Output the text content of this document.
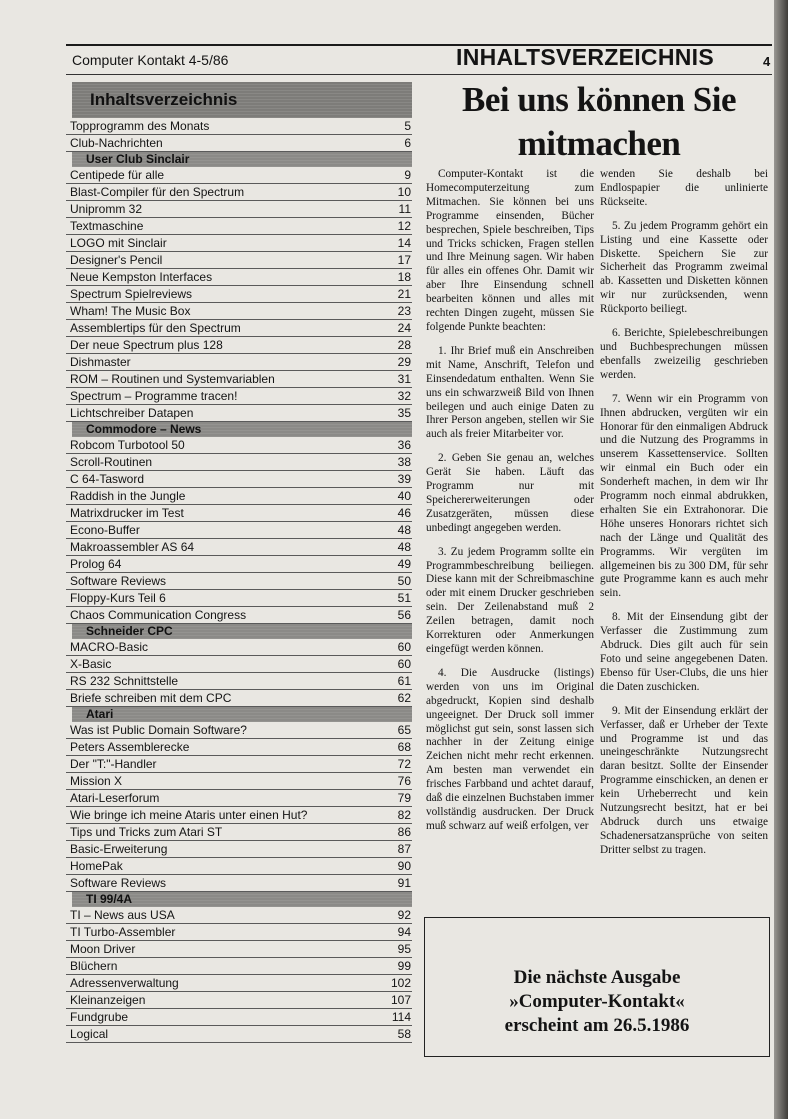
Computer Kontakt 4-5/86	INHALTSVERZEICHNIS	4
Inhaltsverzeichnis
Topprogramm des Monats	5
Club-Nachrichten	6
User Club Sinclair
Centipede für alle	9
Blast-Compiler für den Spectrum	10
Unipromm 32	11
Textmaschine	12
LOGO mit Sinclair	14
Designer's Pencil	17
Neue Kempston Interfaces	18
Spectrum Spielreviews	21
Wham! The Music Box	23
Assemblertips für den Spectrum	24
Der neue Spectrum plus 128	28
Dishmaster	29
ROM – Routinen und Systemvariablen	31
Spectrum – Programme tracen!	32
Lichtschreiber Datapen	35
Commodore – News
Robcom Turbotool 50	36
Scroll-Routinen	38
C 64-Tasword	39
Raddish in the Jungle	40
Matrixdrucker im Test	46
Econo-Buffer	48
Makroassembler AS 64	48
Prolog 64	49
Software Reviews	50
Floppy-Kurs Teil 6	51
Chaos Communication Congress	56
Schneider CPC
MACRO-Basic	60
X-Basic	60
RS 232 Schnittstelle	61
Briefe schreiben mit dem CPC	62
Atari
Was ist Public Domain Software?	65
Peters Assemblerecke	68
Der "T:"-Handler	72
Mission X	76
Atari-Leserforum	79
Wie bringe ich meine Ataris unter einen Hut?	82
Tips und Tricks zum Atari ST	86
Basic-Erweiterung	87
HomePak	90
Software Reviews	91
TI 99/4A
TI – News aus USA	92
TI Turbo-Assembler	94
Moon Driver	95
Blüchern	99
Adressenverwaltung	102
Kleinanzeigen	107
Fundgrube	114
Logical	58
Bei uns können Sie
mitmachen

Computer-Kontakt ist die Homecomputerzeitung zum Mitmachen. Sie können bei uns Programme einsenden, Bücher besprechen, Spiele beschreiben, Tips und Tricks schicken, Fragen stellen und Ihre Meinung sagen. Wir haben für alles ein offenes Ohr. Damit wir aber Ihre Einsendung schnell bearbeiten können und alles mit rechten Dingen zugeht, müssen Sie folgende Punkte beachten:

1. Ihr Brief muß ein Anschreiben mit Name, Anschrift, Telefon und Einsendedatum enthalten. Wenn Sie uns ein schwarzweiß Bild von Ihnen beilegen und auch einige Daten zu Ihrer Person angeben, stellen wir Sie auch als freier Mitarbeiter vor.

2. Geben Sie genau an, welches Gerät Sie haben. Läuft das Programm nur mit Speichererweiterungen oder Zusatzgeräten, müssen diese unbedingt angegeben werden.

3. Zu jedem Programm sollte ein Programmbeschreibung beiliegen. Diese kann mit der Schreibmaschine oder mit einem Drucker geschrieben sein. Der Zeilenabstand muß 2 Zeilen betragen, damit noch Korrekturen oder Anmerkungen eingefügt werden können.

4. Die Ausdrucke (listings) werden von uns im Original abgedruckt, Kopien sind deshalb ungeeignet. Der Druck soll immer möglichst gut sein, sonst lassen sich nachher in der Zeitung einige Zeichen nicht mehr recht erkennen. Am besten man verwendet ein frisches Farbband und achtet darauf, daß die einzelnen Buchstaben immer vollständig ausdrucken. Der Druck muß schwarz auf weiß erfolgen, ver

wenden Sie deshalb bei Endlospapier die unlinierte Rückseite.

5. Zu jedem Programm gehört ein Listing und eine Kassette oder Diskette. Speichern Sie zur Sicherheit das Programm zweimal ab. Kassetten und Disketten können wir nur zurücksenden, wenn Rückporto beiliegt.

6. Berichte, Spielebeschreibungen und Buchbesprechungen müssen ebenfalls zweizeilig geschrieben werden.

7. Wenn wir ein Programm von Ihnen abdrucken, vergüten wir ein Honorar für den einmaligen Abdruck und die Nutzung des Programms in unserem Kassettenservice. Sollten wir einmal ein Buch oder ein Sonderheft machen, in dem wir Ihr Programm noch einmal abdrukken, erhalten Sie ein Extrahonorar. Die Höhe unseres Honorars richtet sich nach der Länge und Qualität des Programms. Wir vergüten im allgemeinen bis zu 300 DM, für sehr gute Programme kann es auch mehr sein.

8. Mit der Einsendung gibt der Verfasser die Zustimmung zum Abdruck. Dies gilt auch für sein Foto und seine angegebenen Daten. Ebenso für User-Clubs, die uns hier die Daten zuschicken.

9. Mit der Einsendung erklärt der Verfasser, daß er Urheber der Texte und Programme ist und das uneingeschränkte Nutzungsrecht daran besitzt. Sollte der Einsender Programme einschicken, an denen er kein Urheberrecht und kein Nutzungsrecht besitzt, hat er bei Abdruck durch uns etwaige Schadenersatzansprüche von seiten Dritter selbst zu tragen.

Die nächste Ausgabe
»Computer-Kontakt«
erscheint am 26.5.1986
